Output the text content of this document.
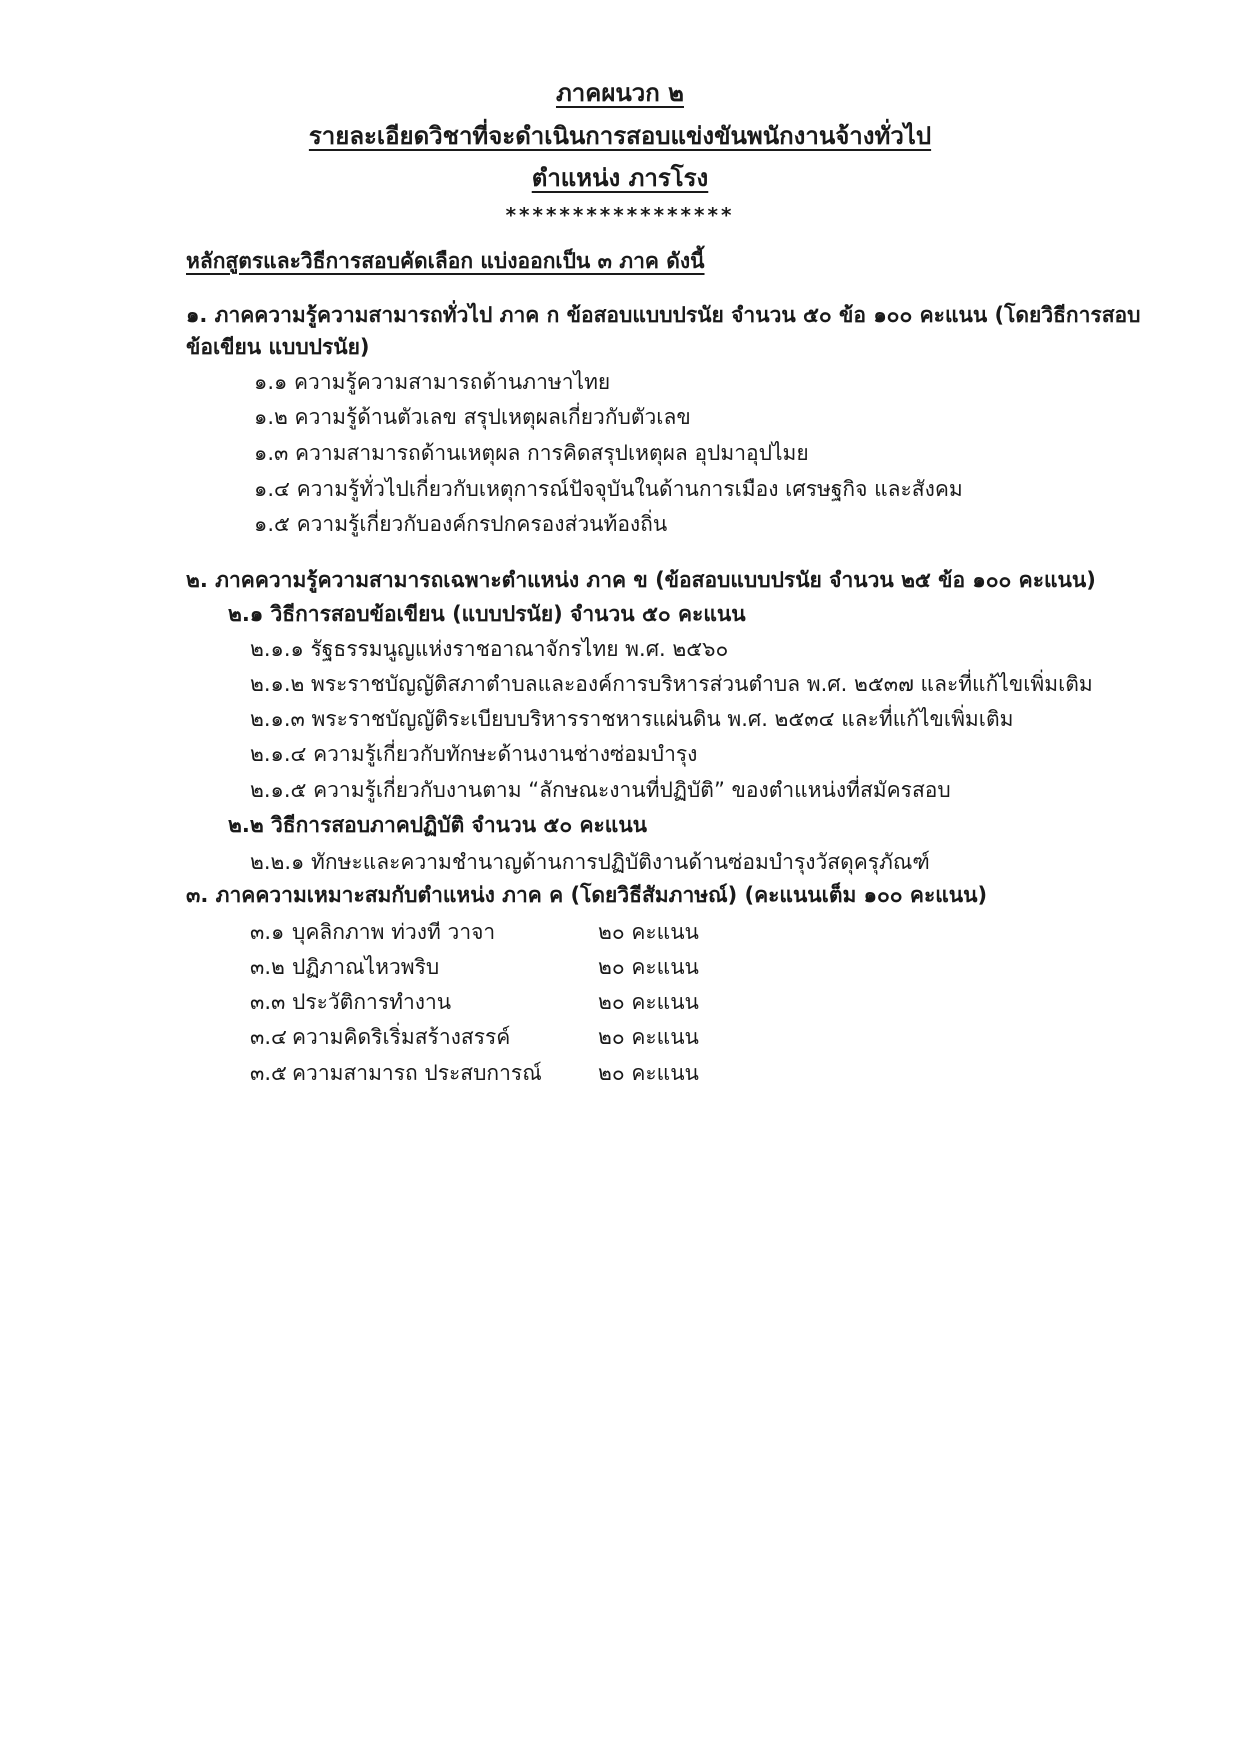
ภาคผนวก ๒
รายละเอียดวิชาที่จะดำเนินการสอบแข่งขันพนักงานจ้างทั่วไป
ตำแหน่ง ภารโรง
*****************
หลักสูตรและวิธีการสอบคัดเลือก แบ่งออกเป็น ๓ ภาค ดังนี้
๑. ภาคความรู้ความสามารถทั่วไป ภาค ก ข้อสอบแบบปรนัย จำนวน ๕๐ ข้อ ๑๐๐ คะแนน (โดยวิธีการสอบ
ข้อเขียน แบบปรนัย)
๑.๑ ความรู้ความสามารถด้านภาษาไทย
๑.๒ ความรู้ด้านตัวเลข สรุปเหตุผลเกี่ยวกับตัวเลข
๑.๓ ความสามารถด้านเหตุผล การคิดสรุปเหตุผล อุปมาอุปไมย
๑.๔ ความรู้ทั่วไปเกี่ยวกับเหตุการณ์ปัจจุบันในด้านการเมือง เศรษฐกิจ และสังคม
๑.๕ ความรู้เกี่ยวกับองค์กรปกครองส่วนท้องถิ่น
๒. ภาคความรู้ความสามารถเฉพาะตำแหน่ง ภาค ข (ข้อสอบแบบปรนัย จำนวน ๒๕ ข้อ ๑๐๐ คะแนน)
๒.๑ วิธีการสอบข้อเขียน (แบบปรนัย) จำนวน ๕๐ คะแนน
๒.๑.๑ รัฐธรรมนูญแห่งราชอาณาจักรไทย พ.ศ. ๒๕๖๐
๒.๑.๒ พระราชบัญญัติสภาตำบลและองค์การบริหารส่วนตำบล พ.ศ. ๒๕๓๗ และที่แก้ไขเพิ่มเติม
๒.๑.๓ พระราชบัญญัติระเบียบบริหารราชหารแผ่นดิน พ.ศ. ๒๕๓๔ และที่แก้ไขเพิ่มเติม
๒.๑.๔ ความรู้เกี่ยวกับทักษะด้านงานช่างซ่อมบำรุง
๒.๑.๕ ความรู้เกี่ยวกับงานตาม “ลักษณะงานที่ปฏิบัติ” ของตำแหน่งที่สมัครสอบ
๒.๒ วิธีการสอบภาคปฏิบัติ จำนวน ๕๐ คะแนน
๒.๒.๑ ทักษะและความชำนาญด้านการปฏิบัติงานด้านซ่อมบำรุงวัสดุครุภัณฑ์
๓. ภาคความเหมาะสมกับตำแหน่ง ภาค ค (โดยวิธีสัมภาษณ์) (คะแนนเต็ม ๑๐๐ คะแนน)
๓.๑ บุคลิกภาพ ท่วงที วาจา	๒๐ คะแนน
๓.๒ ปฏิภาณไหวพริบ	๒๐ คะแนน
๓.๓ ประวัติการทำงาน	๒๐ คะแนน
๓.๔ ความคิดริเริ่มสร้างสรรค์	๒๐ คะแนน
๓.๕ ความสามารถ ประสบการณ์	๒๐ คะแนน
